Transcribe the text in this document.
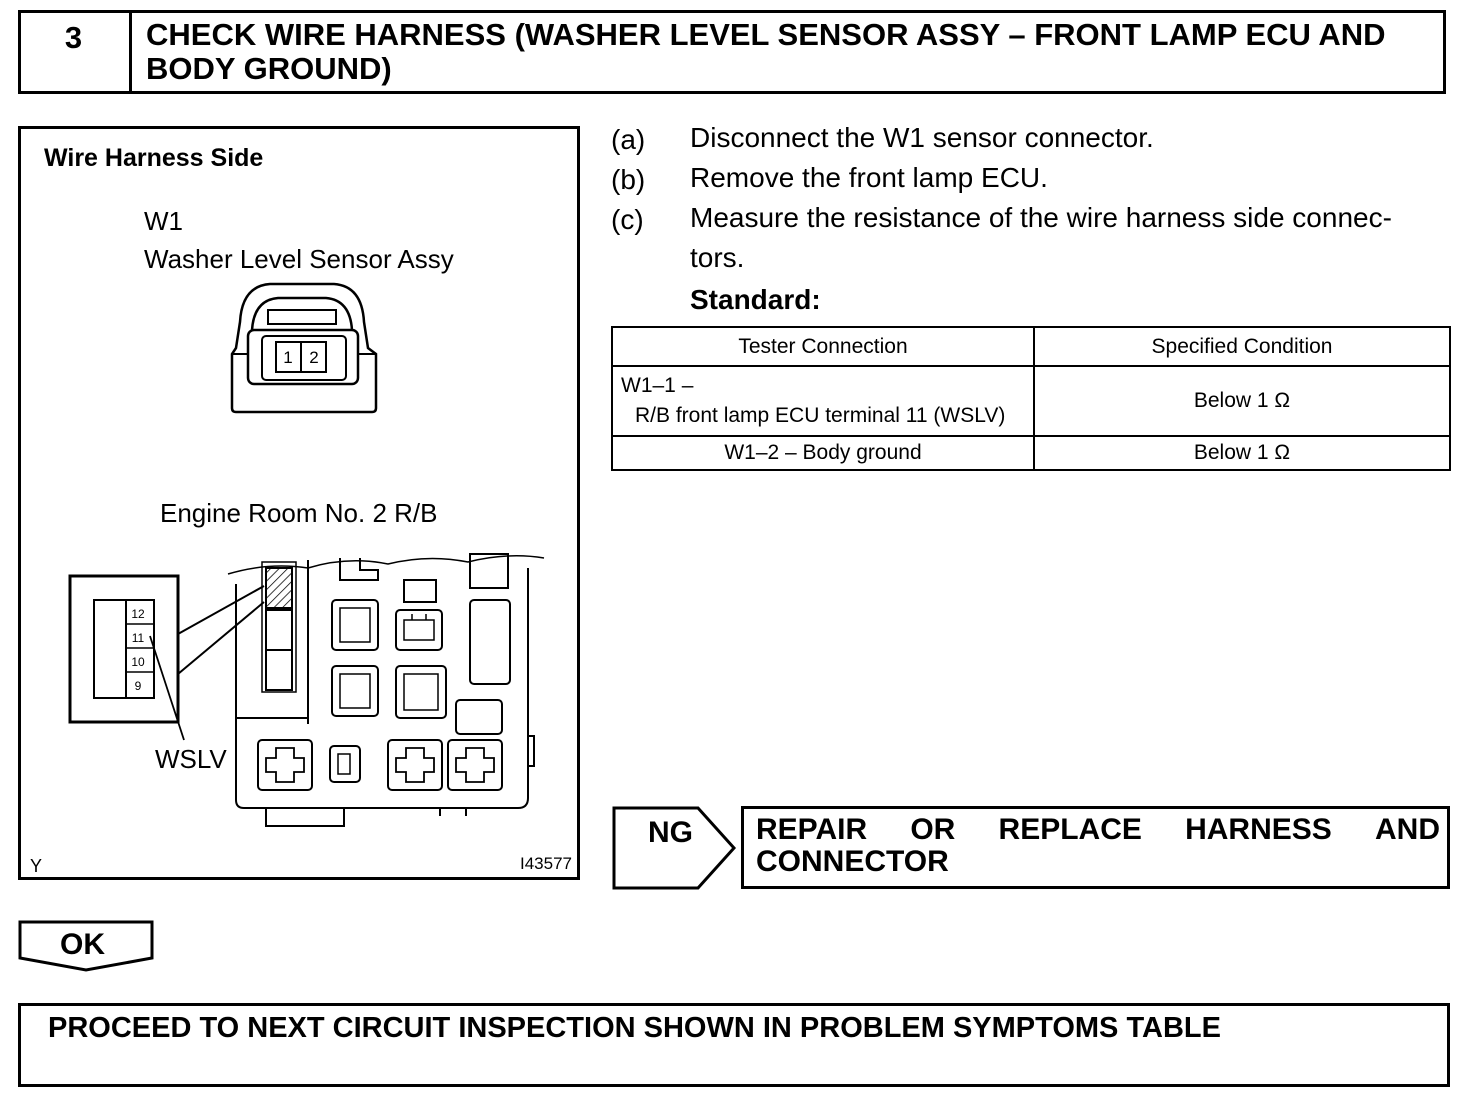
3	CHECK WIRE HARNESS (WASHER LEVEL SENSOR ASSY – FRONT LAMP ECU AND BODY GROUND)
Wire Harness Side
W1
Washer Level Sensor Assy
1 2
Engine Room No. 2 R/B
12
11
10
9
WSLV
Y	I43577
(a) Disconnect the W1 sensor connector.
(b) Remove the front lamp ECU.
(c) Measure the resistance of the wire harness side connec-
tors.
Standard:
Tester Connection	Specified Condition

W1–1 –
R/B front lamp ECU terminal 11 (WSLV)	Below 1 Ω
W1–2 – Body ground	Below 1 Ω
NG REPAIR OR REPLACE HARNESS AND
CONNECTOR
OK
PROCEED TO NEXT CIRCUIT INSPECTION SHOWN IN PROBLEM SYMPTOMS TABLE
